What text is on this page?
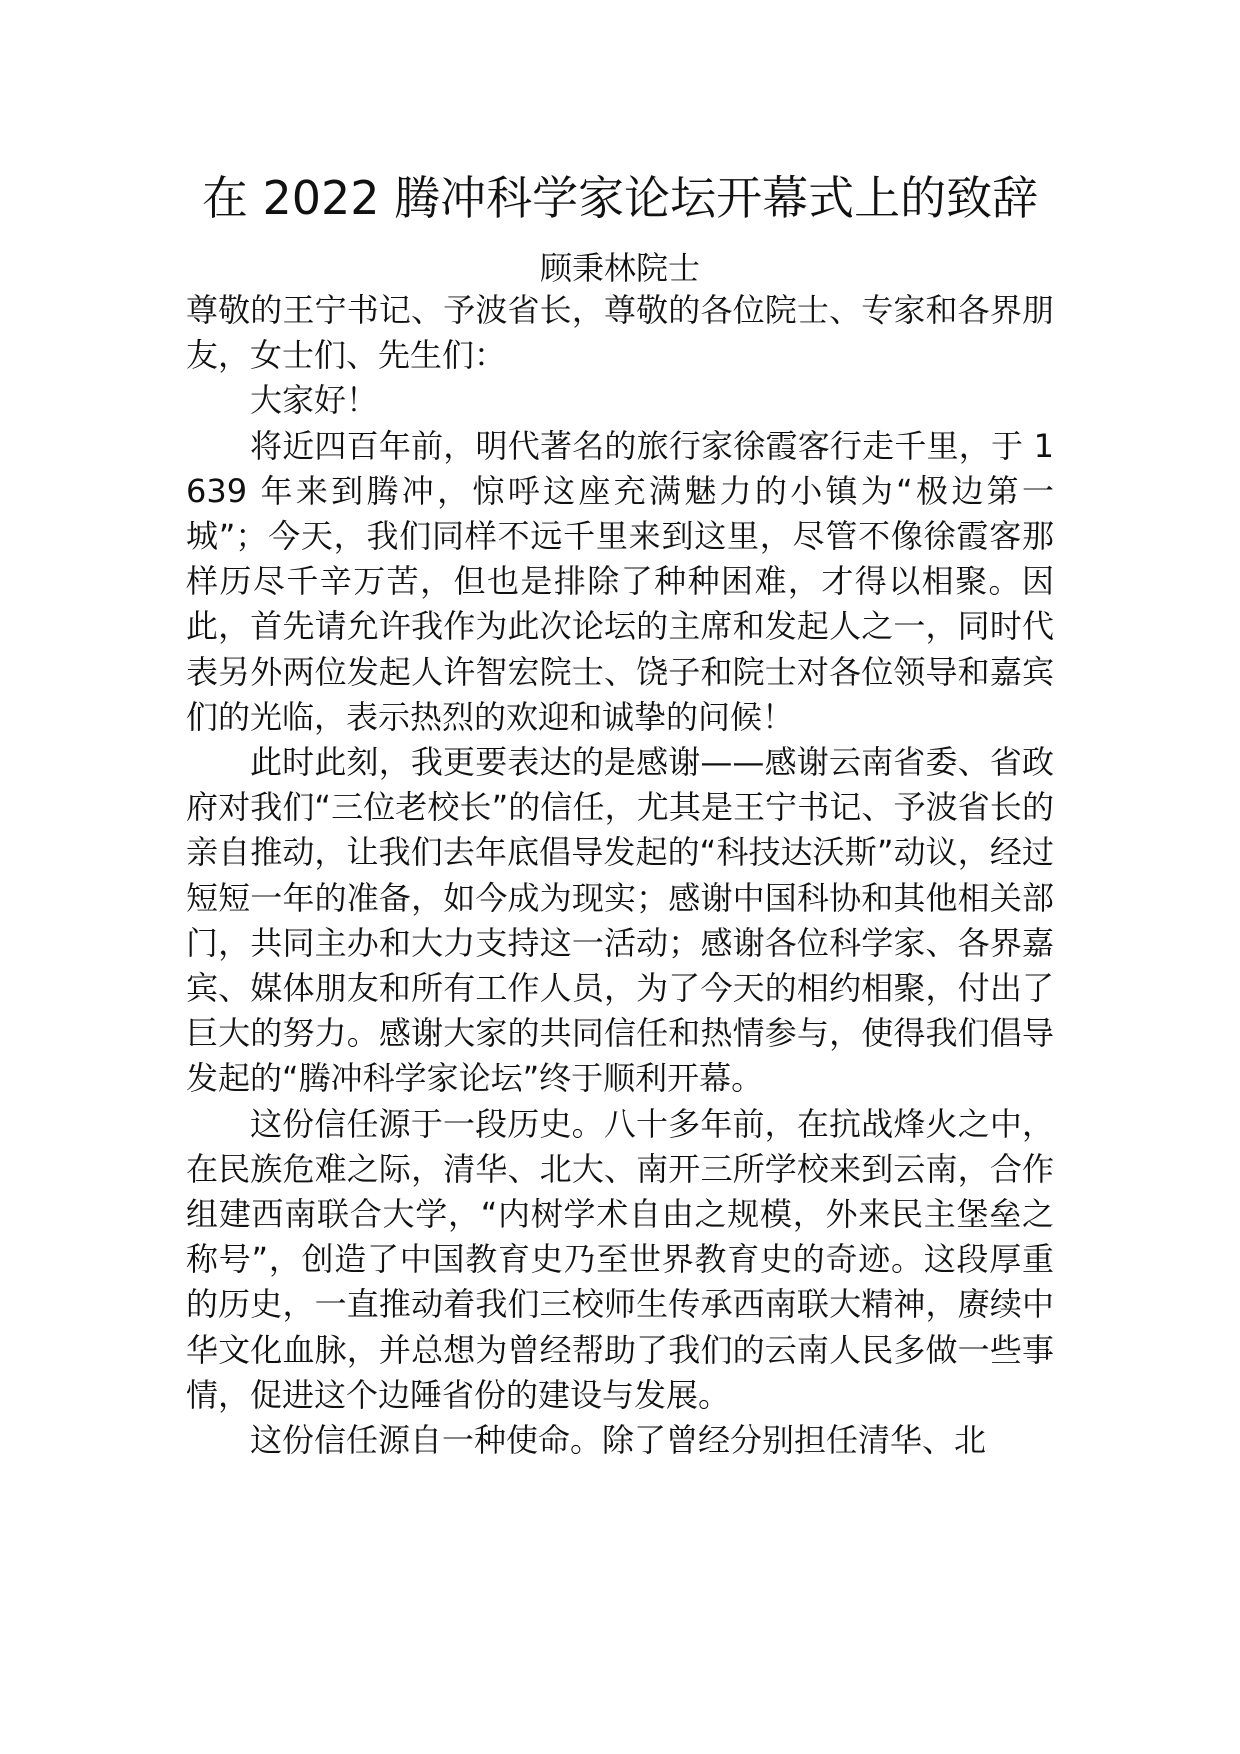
在 2022 腾冲科学家论坛开幕式上的致辞
顾秉林院士

尊敬的王宁书记、予波省长，尊敬的各位院士、专家和各界朋友，女士们、先生们：

大家好！

将近四百年前，明代著名的旅行家徐霞客行走千里，于 1639 年来到腾冲，惊呼这座充满魅力的小镇为“极边第一城”；今天，我们同样不远千里来到这里，尽管不像徐霞客那样历尽千辛万苦，但也是排除了种种困难，才得以相聚。因此，首先请允许我作为此次论坛的主席和发起人之一，同时代表另外两位发起人许智宏院士、饶子和院士对各位领导和嘉宾们的光临，表示热烈的欢迎和诚挚的问候！

此时此刻，我更要表达的是感谢——感谢云南省委、省政府对我们“三位老校长”的信任，尤其是王宁书记、予波省长的亲自推动，让我们去年底倡导发起的“科技达沃斯”动议，经过短短一年的准备，如今成为现实；感谢中国科协和其他相关部门，共同主办和大力支持这一活动；感谢各位科学家、各界嘉宾、媒体朋友和所有工作人员，为了今天的相约相聚，付出了巨大的努力。感谢大家的共同信任和热情参与，使得我们倡导发起的“腾冲科学家论坛”终于顺利开幕。

这份信任源于一段历史。八十多年前，在抗战烽火之中，在民族危难之际，清华、北大、南开三所学校来到云南，合作组建西南联合大学，“内树学术自由之规模，外来民主堡垒之称号”，创造了中国教育史乃至世界教育史的奇迹。这段厚重的历史，一直推动着我们三校师生传承西南联大精神，赓续中华文化血脉，并总想为曾经帮助了我们的云南人民多做一些事情，促进这个边陲省份的建设与发展。

这份信任源自一种使命。除了曾经分别担任清华、北
